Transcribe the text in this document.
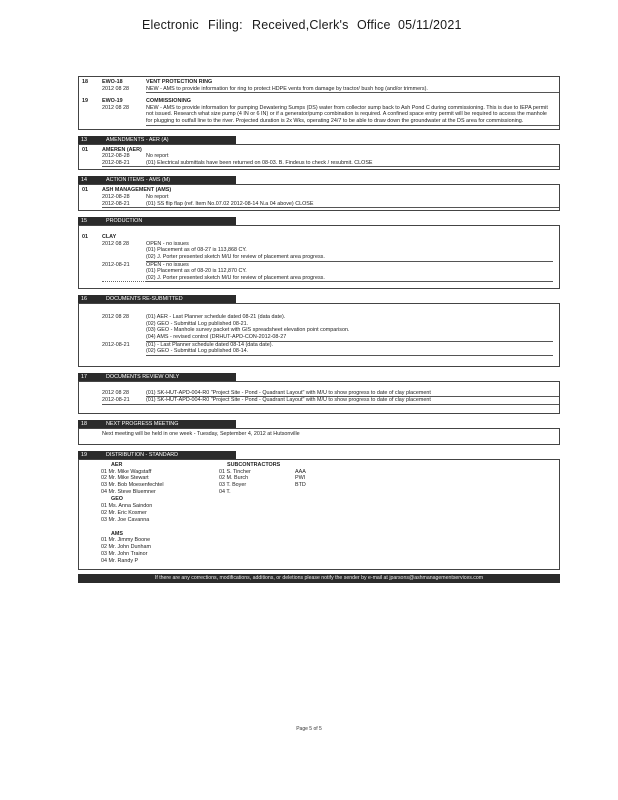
Electronic Filing: Received,Clerk's Office 05/11/2021
18	EWO-18	VENT PROTECTION RING
2012 08 28	NEW - AMS to provide information for ring to protect HDPE vents from damage by tractor/ bush hog (and/or trimmers).
19	EWO-19	COMMISSIONING
2012 08 28	NEW - AMS to provide information for pumping Dewatering Sumps (DS) water from collector sump back to Ash Pond C during commissioning. This is due to IEPA permit not issued. Research what size pump (4 IN or 6 IN) or if a generator/pump combination is required. A confined space entry permit will be required to access the manhole for plugging to outfall line to the river. Projected duration is 2x Wks, operating 24/7 to be able to draw down the groundwater at the DS area for commissioning.
13	AMENDMENTS - AER (A)
01	AMEREN (AER)
2012-08-28	No report
2012-08-21	(01) Electrical submittals have been returned on 08-03. B. Findeus to check / resubmit. CLOSE
14	ACTION ITEMS - AMS (M)
01	ASH MANAGEMENT (AMS)
2012-08-28	No report
2012-08-21	(01) SS flip flap (ref. Item No.07.02 2012-08-14 N.a 04 above) CLOSE
15	PRODUCTION
01	CLAY
2012 08 28	OPEN - no issues
(01) Placement as of 08-27 is 113,868 CY.
(02) J. Porter presented sketch M/U for review of placement area progress.
2012-08-21	OPEN - no issues
(01) Placement as of 08-20 is 112,870 CY.
(02) J. Porter presented sketch M/U for review of placement area progress.
16	DOCUMENTS RE-SUBMITTED
2012 08 28	(01) AER - Last Planner schedule dated 08-21 (data date).
(02) GEO - Submittal Log published 08-21.
(03) GEO - Manhole survey packet with GIS spreadsheet elevation point comparison.
(04) AMS - revised control (DRHUT-APD-CON-2012-08-27
2012-08-21	(01) - Last Planner schedule dated 08-14 (data date).
(02) GEO - Submittal Log published 08-14.
17	DOCUMENTS REVIEW ONLY
2012 08 28	(01) SK-HUT-APD-004-R0 "Project Site - Pond - Quadrant Layout" with M/U to show progress to date of clay placement
2012-08-21	(01) SK-HUT-APD-004-R0 "Project Site - Pond - Quadrant Layout" with M/U to show progress to date of clay placement
18	NEXT PROGRESS MEETING
Next meeting will be held in one week - Tuesday, September 4, 2012 at Hutsonville
19	DISTRIBUTION - STANDARD
AER
01 Mr. Mike Wagstaff
02 Mr. Mike Stewart
03 Mr. Bob Moesenfechtel
04 Mr. Steve Bluemner
GEO
01 Ms. Anna Saindon
02 Mr. Eric Kosmer
03 Mr. Joe Cavanna
AMS
01 Mr. Jimmy Boone
02 Mr. John Dunham
03 Mr. John Trainor
04 Mr. Randy P
SUBCONTRACTORS
01 S. Tincher	AAA
02 M. Burch	PWI
03 T. Boyer	BTD
04 T.
If there are any corrections, modifications, additions, or deletions please notify the sender by e-mail at jparsons@ashmanagementservices.com
Page 5 of 5
